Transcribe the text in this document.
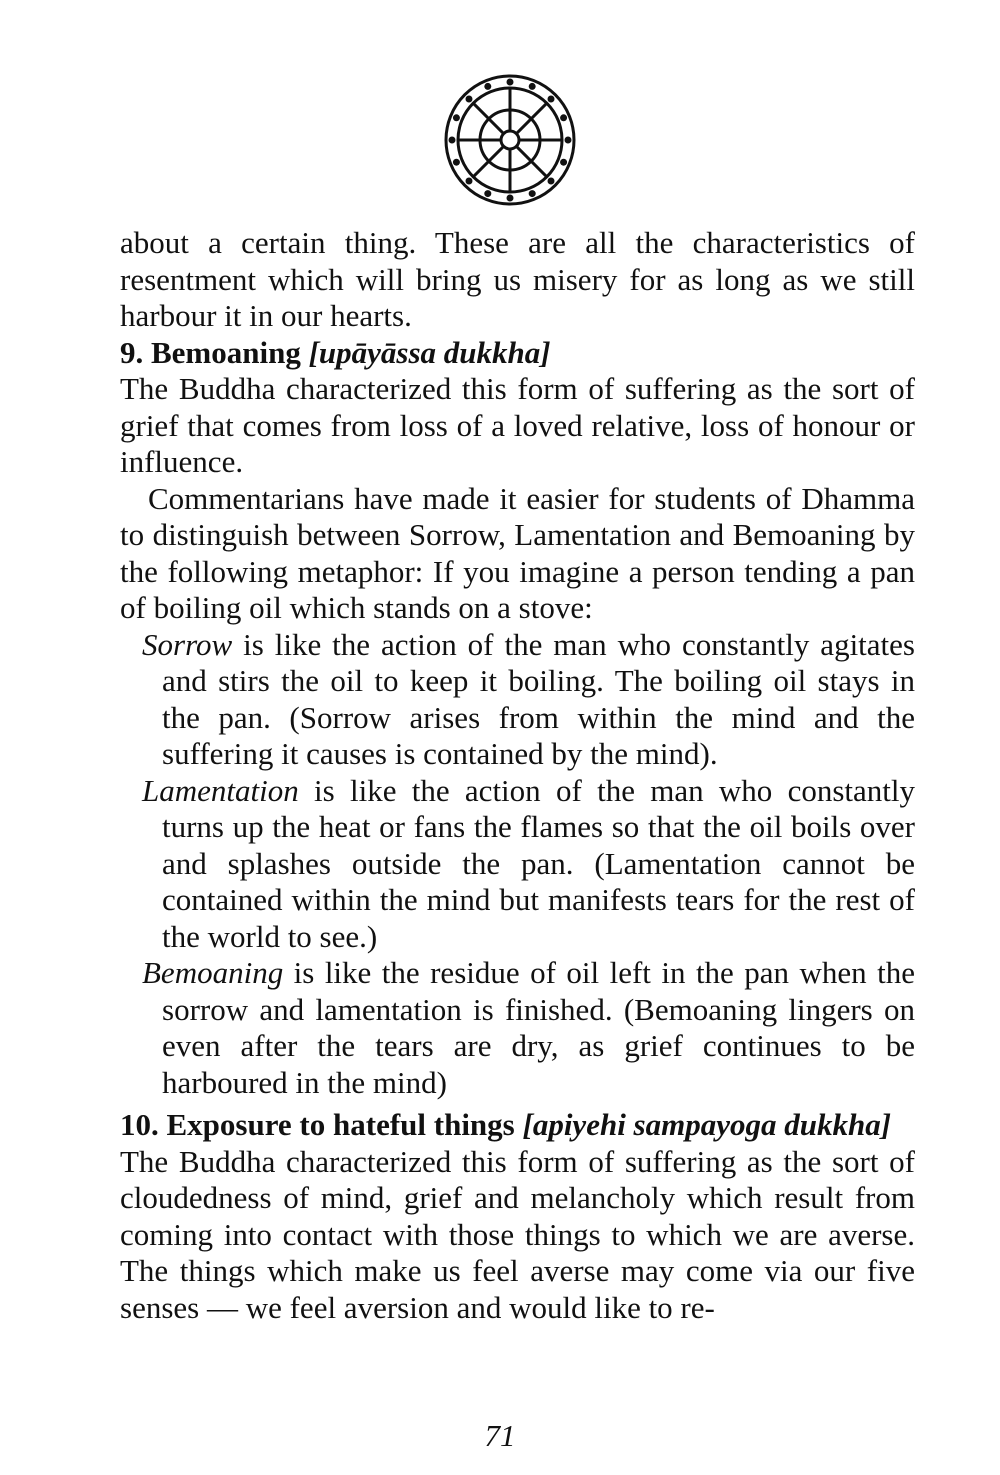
about a certain thing. These are all the characteristics of resentment which will bring us misery for as long as we still harbour it in our hearts.

9. Bemoaning [upāyāssa dukkha]

The Buddha characterized this form of suffering as the sort of grief that comes from loss of a loved relative, loss of honour or influence.

Commentarians have made it easier for students of Dhamma to distinguish between Sorrow, Lamentation and Bemoaning by the following metaphor: If you imagine a person tending a pan of boiling oil which stands on a stove:

Sorrow is like the action of the man who constantly agitates and stirs the oil to keep it boiling. The boiling oil stays in the pan. (Sorrow arises from within the mind and the suffering it causes is contained by the mind).

Lamentation is like the action of the man who constantly turns up the heat or fans the flames so that the oil boils over and splashes outside the pan. (Lamentation cannot be contained within the mind but manifests tears for the rest of the world to see.)

Bemoaning is like the residue of oil left in the pan when the sorrow and lamentation is finished. (Bemoaning lingers on even after the tears are dry, as grief continues to be harboured in the mind)

10. Exposure to hateful things [apiyehi sampayoga dukkha]

The Buddha characterized this form of suffering as the sort of cloudedness of mind, grief and melancholy which result from coming into contact with those things to which we are averse. The things which make us feel averse may come via our five senses — we feel aversion and would like to re-

71
